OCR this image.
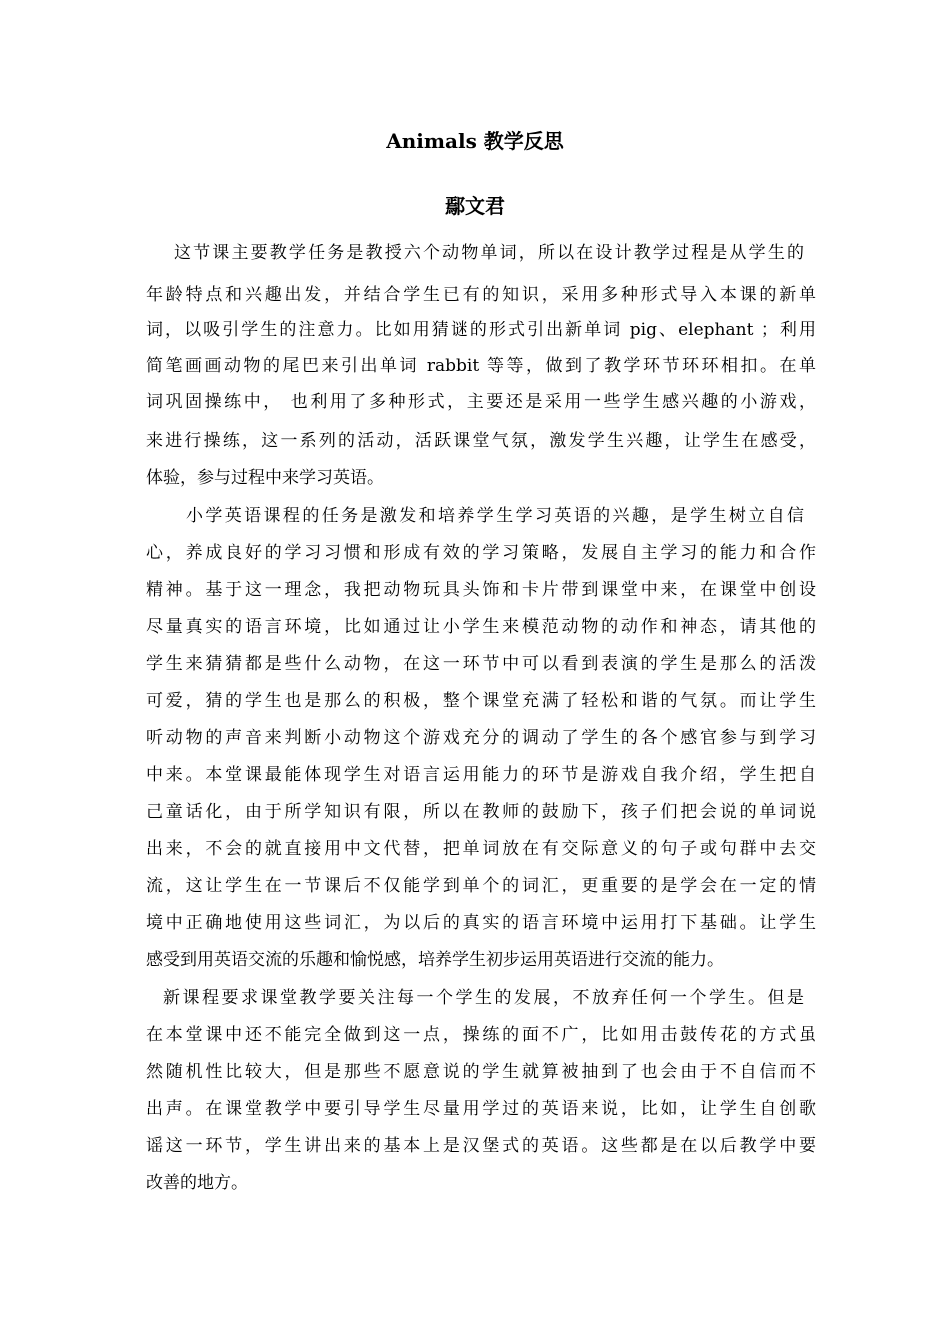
Animals 教学反思
鄢文君

这节课主要教学任务是教授六个动物单词，所以在设计教学过程是从学生的

年龄特点和兴趣出发，并结合学生已有的知识，采用多种形式导入本课的新单

词，以吸引学生的注意力。比如用猜谜的形式引出新单词 pig、elephant ；利用

简笔画画动物的尾巴来引出单词 rabbit 等等，做到了教学环节环环相扣。在单

词巩固操练中， 也利用了多种形式，主要还是采用一些学生感兴趣的小游戏，

来进行操练，这一系列的活动，活跃课堂气氛，激发学生兴趣，让学生在感受，

体验，参与过程中来学习英语。

小学英语课程的任务是激发和培养学生学习英语的兴趣，是学生树立自信

心，养成良好的学习习惯和形成有效的学习策略，发展自主学习的能力和合作

精神。基于这一理念，我把动物玩具头饰和卡片带到课堂中来，在课堂中创设

尽量真实的语言环境，比如通过让小学生来模范动物的动作和神态，请其他的

学生来猜猜都是些什么动物，在这一环节中可以看到表演的学生是那么的活泼

可爱，猜的学生也是那么的积极，整个课堂充满了轻松和谐的气氛。而让学生

听动物的声音来判断小动物这个游戏充分的调动了学生的各个感官参与到学习

中来。本堂课最能体现学生对语言运用能力的环节是游戏自我介绍，学生把自

己童话化，由于所学知识有限，所以在教师的鼓励下，孩子们把会说的单词说

出来，不会的就直接用中文代替，把单词放在有交际意义的句子或句群中去交

流，这让学生在一节课后不仅能学到单个的词汇，更重要的是学会在一定的情

境中正确地使用这些词汇，为以后的真实的语言环境中运用打下基础。让学生

感受到用英语交流的乐趣和愉悦感，培养学生初步运用英语进行交流的能力。

新课程要求课堂教学要关注每一个学生的发展，不放弃任何一个学生。但是

在本堂课中还不能完全做到这一点，操练的面不广，比如用击鼓传花的方式虽

然随机性比较大，但是那些不愿意说的学生就算被抽到了也会由于不自信而不

出声。在课堂教学中要引导学生尽量用学过的英语来说，比如，让学生自创歌

谣这一环节，学生讲出来的基本上是汉堡式的英语。这些都是在以后教学中要

改善的地方。
